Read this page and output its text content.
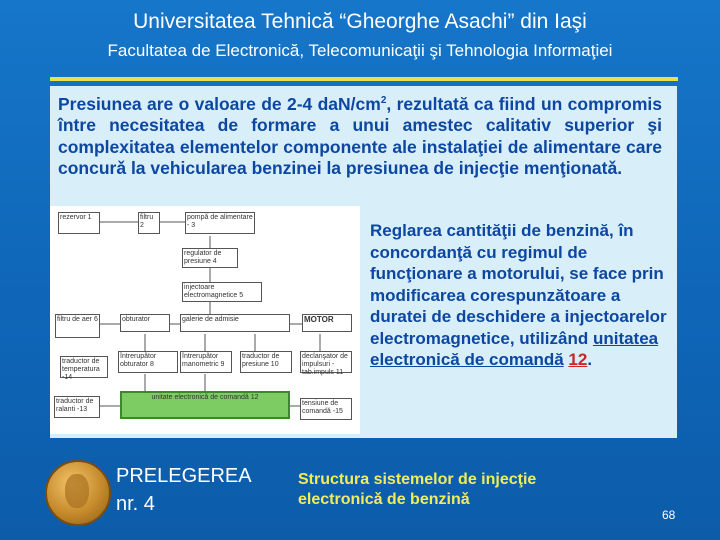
Universitatea Tehnică “Gheorghe Asachi” din Iaşi
Facultatea de Electronică, Telecomunicaţii şi Tehnologia Informaţiei
Presiunea are o valoare de 2-4 daN/$cm^2$, rezultată ca fiind un compromis între necesitatea de formare a unui amestec calitativ superior şi complexitatea elementelor componente ale instalaţiei de alimentare care concurǎ la vehicularea benzinei la presiunea de injecţie menţionatǎ.
rezervor 1	filtru 2
pompă de alimentare - 3
regulator de presiune 4
injectoare electromagnetice 5
filtru de aer 6	obturator	galerie de admisie	MOTOR
întrerupător obturator 8
întrerupător manometric 9
traductor de presiune 10
declanşator de impulsuri - tab.impuls 11
traductor de temperatura -14
unitate electronică de comandă 12
traductor de ralanti -13
tensiune de comandă -15
Reglarea cantităţii de benzină, în concordanţă cu regimul de funcţionare a motorului, se face prin modificarea corespunzătoare a duratei de deschidere a injectoarelor electromagnetice, utilizând unitatea electronică de comandă 12.
PRELEGEREA
nr. 4
Structura sistemelor de injecţie
electronicǎ de benzinǎ
68
